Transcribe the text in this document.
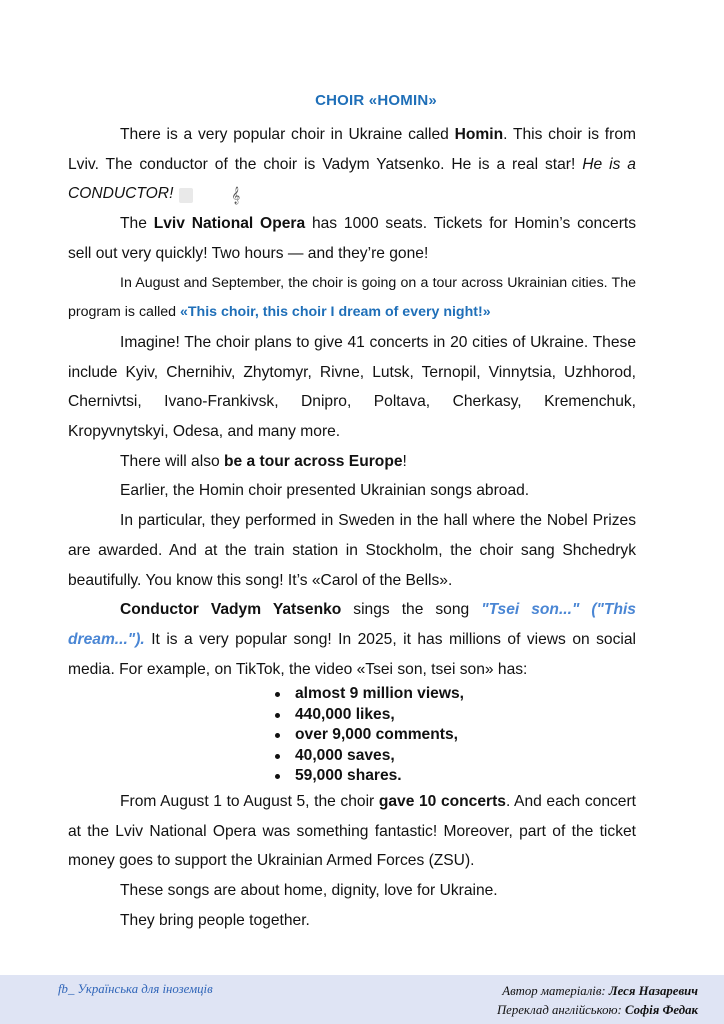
CHOIR «HOMIN»

There is a very popular choir in Ukraine called Homin. This choir is from Lviv. The conductor of the choir is Vadym Yatsenko. He is a real star! He is a CONDUCTOR!	𝄞

The Lviv National Opera has 1000 seats. Tickets for Homin’s concerts sell out very quickly! Two hours — and they’re gone!

In August and September, the choir is going on a tour across Ukrainian cities. The program is called «This choir, this choir I dream of every night!»

Imagine! The choir plans to give 41 concerts in 20 cities of Ukraine. These include Kyiv, Chernihiv, Zhytomyr, Rivne, Lutsk, Ternopil, Vinnytsia, Uzhhorod, Chernivtsi, Ivano-Frankivsk, Dnipro, Poltava, Cherkasy, Kremenchuk, Kropyvnytskyi, Odesa, and many more.

There will also be a tour across Europe!

Earlier, the Homin choir presented Ukrainian songs abroad.

In particular, they performed in Sweden in the hall where the Nobel Prizes are awarded. And at the train station in Stockholm, the choir sang Shchedryk beautifully. You know this song! It’s «Carol of the Bells».

Conductor Vadym Yatsenko sings the song "Tsei son..." ("This dream..."). It is a very popular song! In 2025, it has millions of views on social media. For example, on TikTok, the video «Tsei son, tsei son» has:

almost 9 million views,
440,000 likes,
over 9,000 comments,
40,000 saves,
59,000 shares.

From August 1 to August 5, the choir gave 10 concerts. And each concert at the Lviv National Opera was something fantastic! Moreover, part of the ticket money goes to support the Ukrainian Armed Forces (ZSU).

These songs are about home, dignity, love for Ukraine.

They bring people together.

fb_ Українська для іноземців	Автор матеріалів: Леся Назаревич
Переклад англійською: Софія Федак
